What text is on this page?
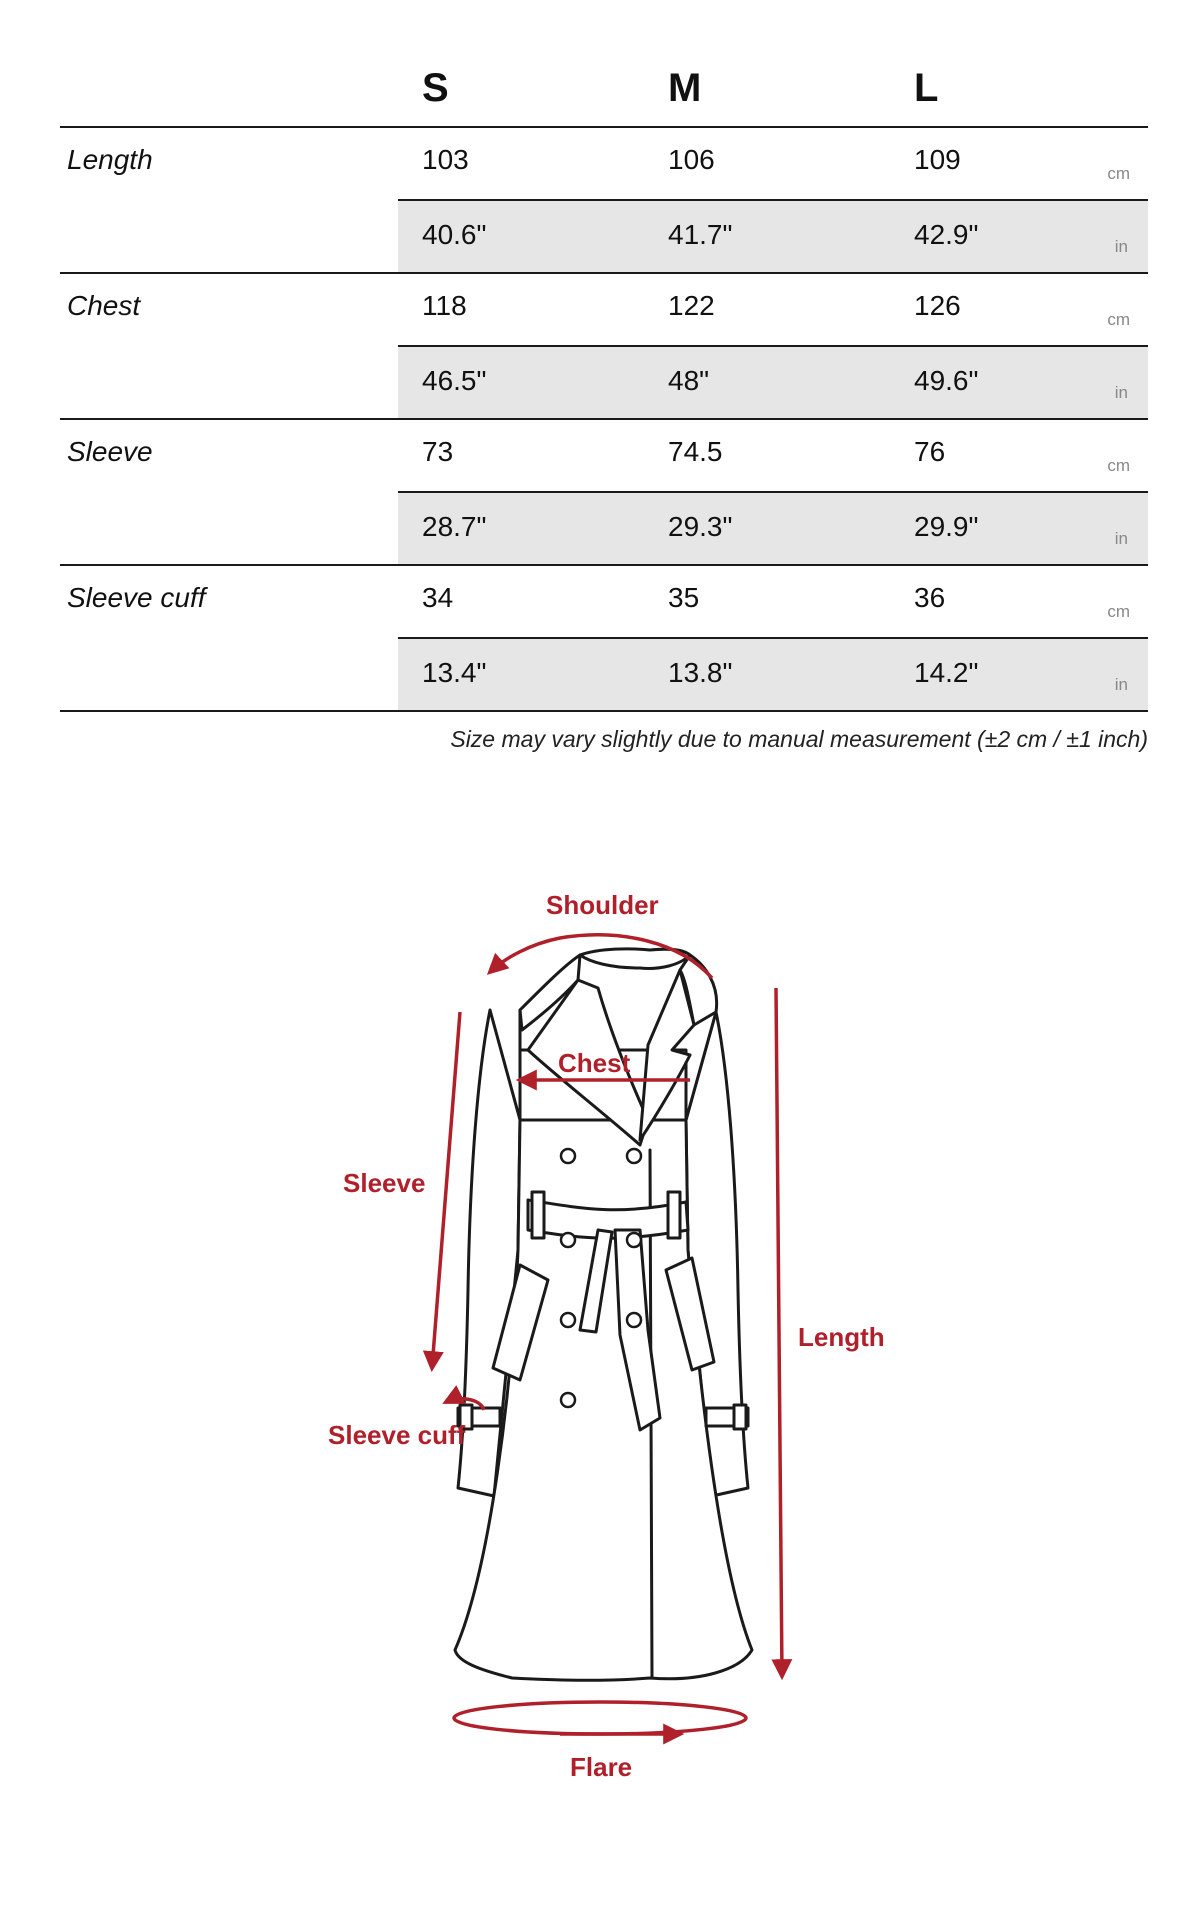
S	M	L
Length	103	106	109	cm
40.6"	41.7"	42.9"	in
Chest	118	122	126	cm
46.5"	48"	49.6"	in
Sleeve	73	74.5	76	cm
28.7"	29.3"	29.9"	in
Sleeve cuff	34	35	36	cm
13.4"	13.8"	14.2"	in
Size may vary slightly due to manual measurement (±2 cm / ±1 inch)
Shoulder
Chest
Sleeve
Sleeve cuff
Length
Flare
